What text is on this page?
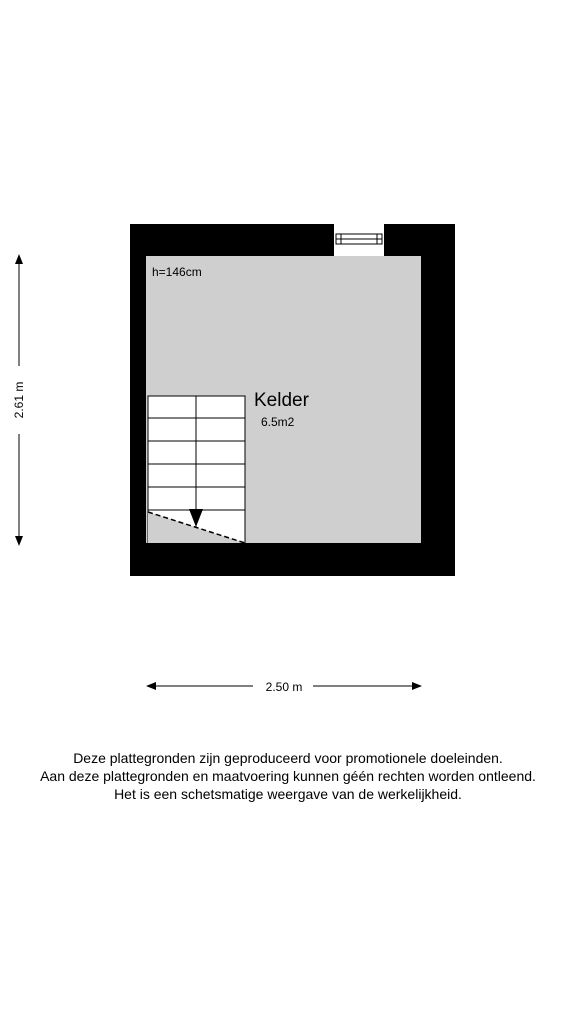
h=146cm
Kelder
6.5m2
2.61 m
2.50 m
Deze plattegronden zijn geproduceerd voor promotionele doeleinden.
Aan deze plattegronden en maatvoering kunnen géén rechten worden ontleend.
Het is een schetsmatige weergave van de werkelijkheid.
